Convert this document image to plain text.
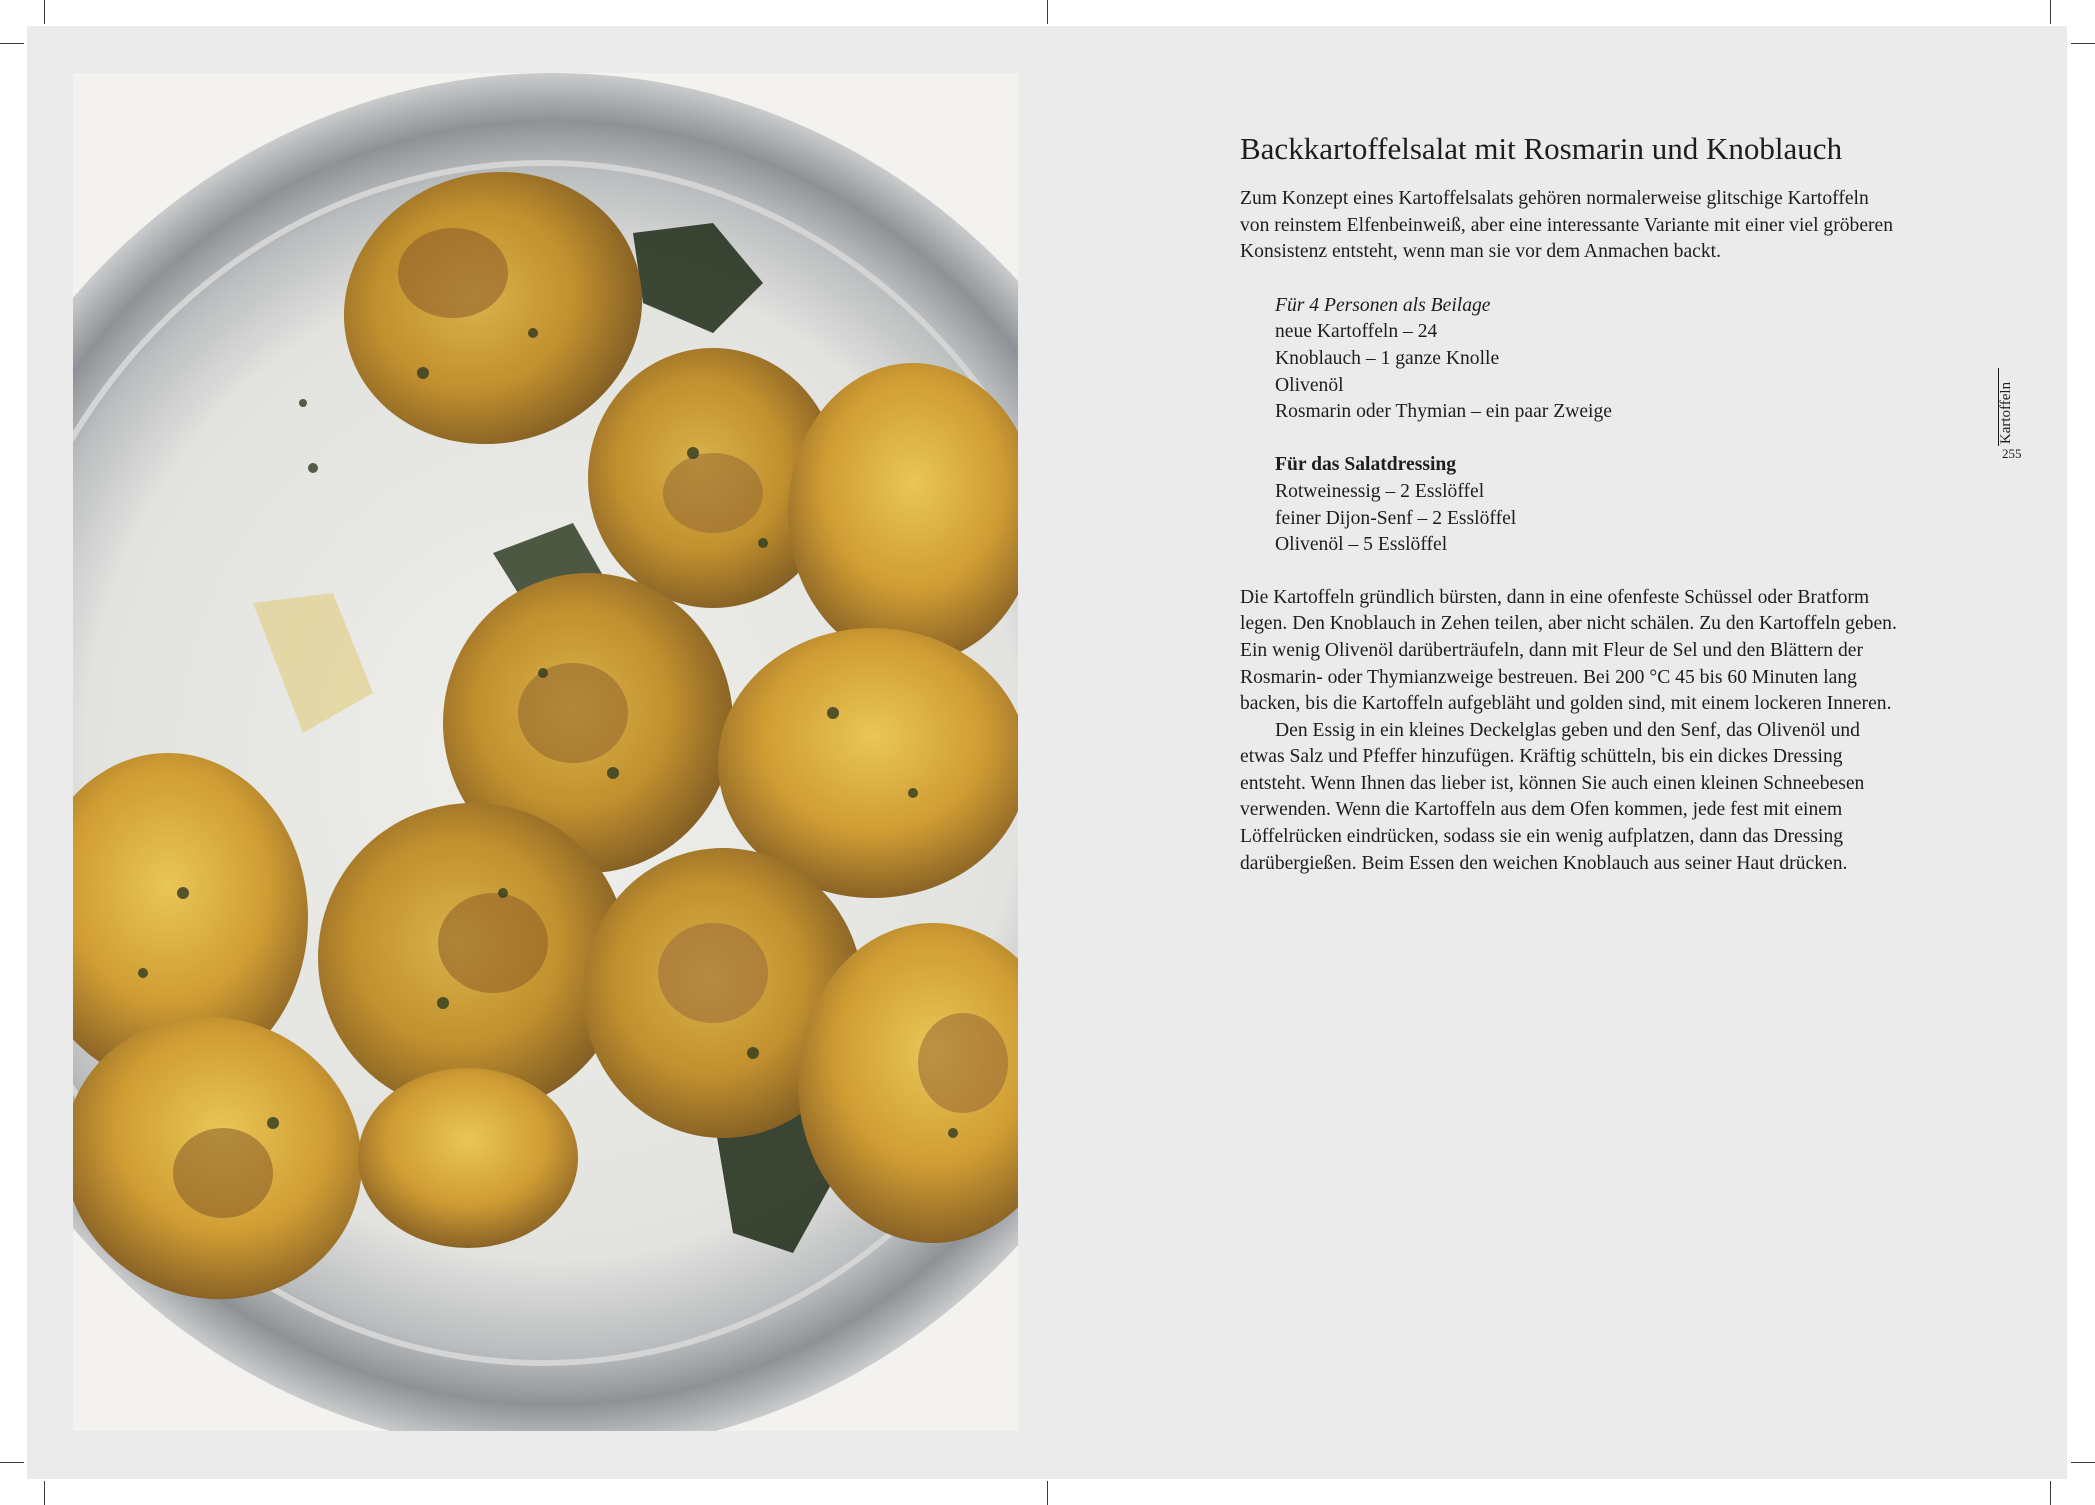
Backkartoffelsalat mit Rosmarin und Knoblauch

Zum Konzept eines Kartoffelsalats gehören normalerweise glitschige Kartoffeln von reinstem Elfenbeinweiß, aber eine interessante Variante mit einer viel gröberen Konsistenz entsteht, wenn man sie vor dem Anmachen backt.

Für 4 Personen als Beilage
neue Kartoffeln – 24
Knoblauch – 1 ganze Knolle
Olivenöl
Rosmarin oder Thymian – ein paar Zweige
Für das Salatdressing
Rotweinessig – 2 Esslöffel
feiner Dijon-Senf – 2 Esslöffel
Olivenöl – 5 Esslöffel

Die Kartoffeln gründlich bürsten, dann in eine ofenfeste Schüssel oder Bratform legen. Den Knoblauch in Zehen teilen, aber nicht schälen. Zu den Kartoffeln geben. Ein wenig Olivenöl darüberträufeln, dann mit Fleur de Sel und den Blättern der Rosmarin- oder Thymianzweige bestreuen. Bei 200 °C 45 bis 60 Minuten lang backen, bis die Kartoffeln aufgebläht und golden sind, mit einem lockeren Inneren.

Den Essig in ein kleines Deckelglas geben und den Senf, das Olivenöl und etwas Salz und Pfeffer hinzufügen. Kräftig schütteln, bis ein dickes Dressing entsteht. Wenn Ihnen das lieber ist, können Sie auch einen kleinen Schneebesen verwenden. Wenn die Kartoffeln aus dem Ofen kommen, jede fest mit einem Löffelrücken eindrücken, sodass sie ein wenig aufplatzen, dann das Dressing darübergießen. Beim Essen den weichen Knoblauch aus seiner Haut drücken.

Kartoffeln
255
